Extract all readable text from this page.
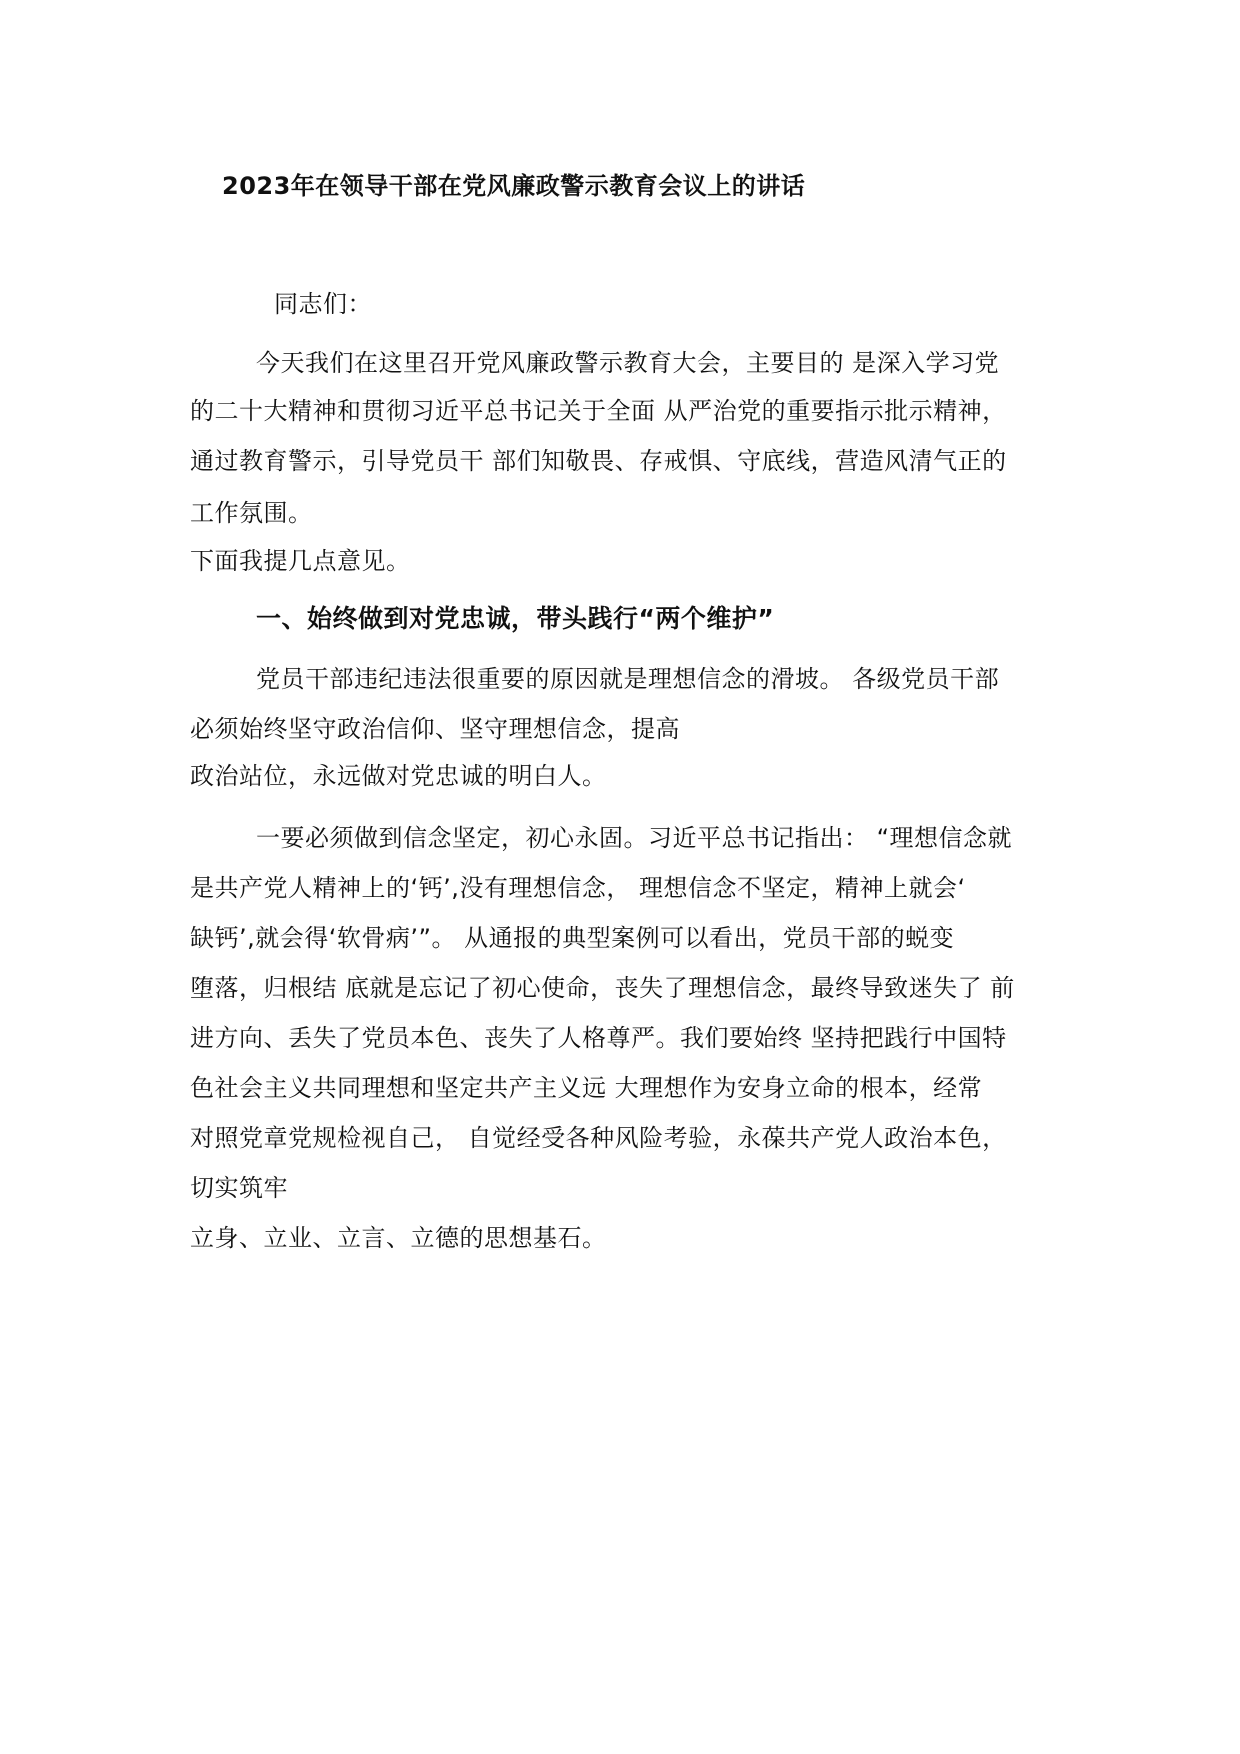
2023年在领导干部在党风廉政警示教育会议上的讲话
同志们：
今天我们在这里召开党风廉政警示教育大会，主要目的 是深入学习党
的二十大精神和贯彻习近平总书记关于全面 从严治党的重要指示批示精神，
通过教育警示，引导党员干 部们知敬畏、存戒惧、守底线，营造风清气正的
工作氛围。
下面我提几点意见。
一、始终做到对党忠诚，带头践行“两个维护”
党员干部违纪违法很重要的原因就是理想信念的滑坡。 各级党员干部
必须始终坚守政治信仰、坚守理想信念，提高
政治站位，永远做对党忠诚的明白人。
一要必须做到信念坚定，初心永固。习近平总书记指出： “理想信念就
是共产党人精神上的‘钙’,没有理想信念， 理想信念不坚定，精神上就会‘
缺钙’,就会得‘软骨病’”。 从通报的典型案例可以看出，党员干部的蜕变
堕落，归根结 底就是忘记了初心使命，丧失了理想信念，最终导致迷失了 前
进方向、丢失了党员本色、丧失了人格尊严。我们要始终 坚持把践行中国特
色社会主义共同理想和坚定共产主义远 大理想作为安身立命的根本，经常
对照党章党规检视自己， 自觉经受各种风险考验，永葆共产党人政治本色，
切实筑牢
立身、立业、立言、立德的思想基石。
